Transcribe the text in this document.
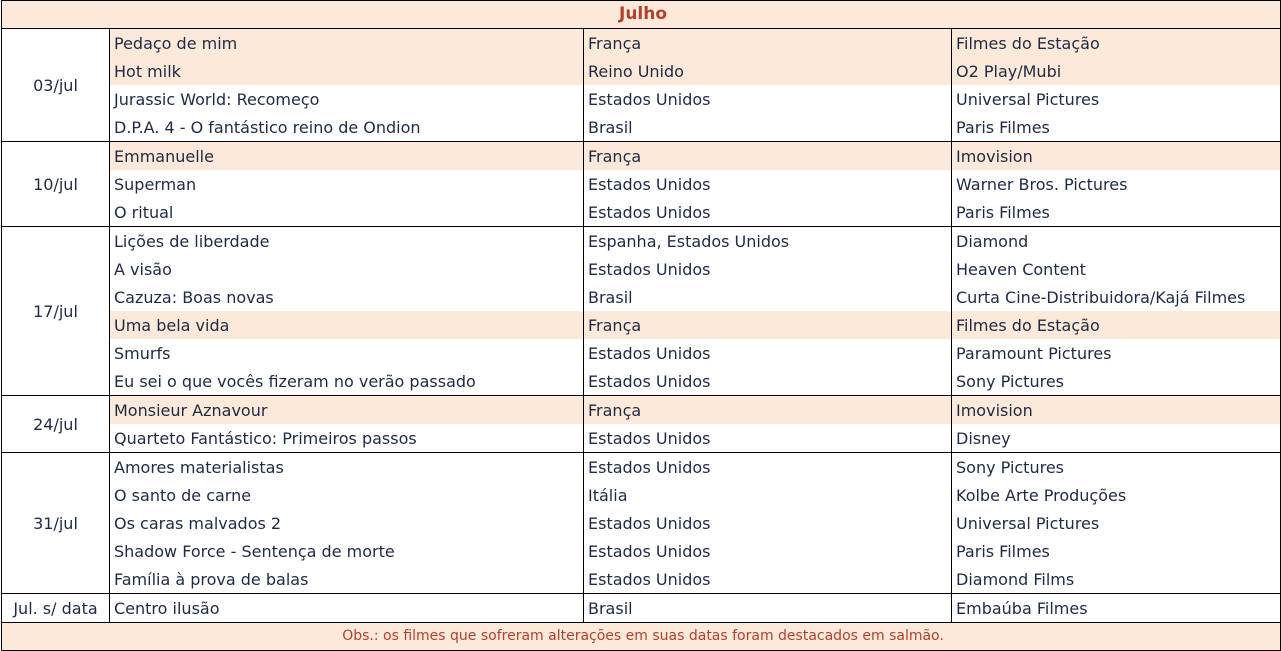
Julho			
03/jul	Pedaço de mim	França	Filmes do Estação
	Hot milk	Reino Unido	O2 Play/Mubi
	Jurassic World: Recomeço	Estados Unidos	Universal Pictures
	D.P.A. 4 - O fantástico reino de Ondion	Brasil	Paris Filmes
10/jul	Emmanuelle	França	Imovision
	Superman	Estados Unidos	Warner Bros. Pictures
	O ritual	Estados Unidos	Paris Filmes
17/jul	Lições de liberdade	Espanha, Estados Unidos	Diamond
	A visão	Estados Unidos	Heaven Content
	Cazuza: Boas novas	Brasil	Curta Cine-Distribuidora/Kajá Filmes
	Uma bela vida	França	Filmes do Estação
	Smurfs	Estados Unidos	Paramount Pictures
	Eu sei o que vocês fizeram no verão passado	Estados Unidos	Sony Pictures
24/jul	Monsieur Aznavour	França	Imovision
	Quarteto Fantástico: Primeiros passos	Estados Unidos	Disney
31/jul	Amores materialistas	Estados Unidos	Sony Pictures
	O santo de carne	Itália	Kolbe Arte Produções
	Os caras malvados 2	Estados Unidos	Universal Pictures
	Shadow Force - Sentença de morte	Estados Unidos	Paris Filmes
	Família à prova de balas	Estados Unidos	Diamond Films
Jul. s/ data	Centro ilusão	Brasil	Embaúba Filmes
Obs.: os filmes que sofreram alterações em suas datas foram destacados em salmão.			
